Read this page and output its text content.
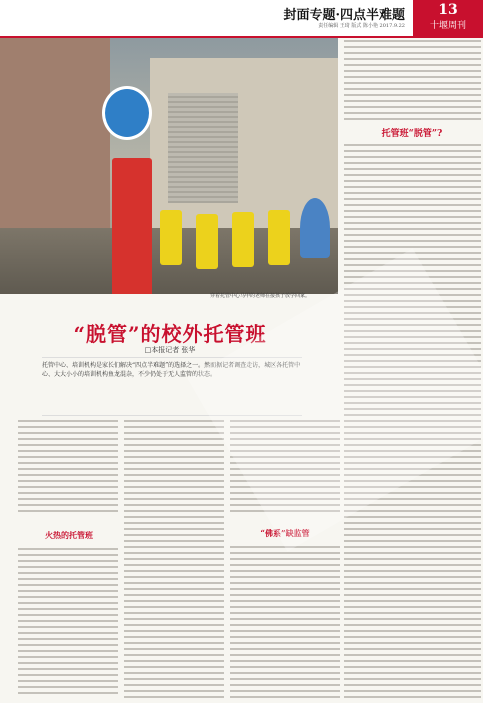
封面专题·四点半难题
责任编辑 王琦 版式 陈小艳 2017.9.22
13
十堰周刊
穿着托管中心马甲的老师在接孩子放学回家。
托管班“脱管”?
“脱管”的校外托管班
□本报记者 张华
托管中心、培训机构是家长们解决“四点半难题”的选择之一。然而据记者调查走访，城区各托管中心、大大小小的培训机构鱼龙混杂，不少仍处于无人监管的状态。
火热的托管班	“佛系”缺监管
